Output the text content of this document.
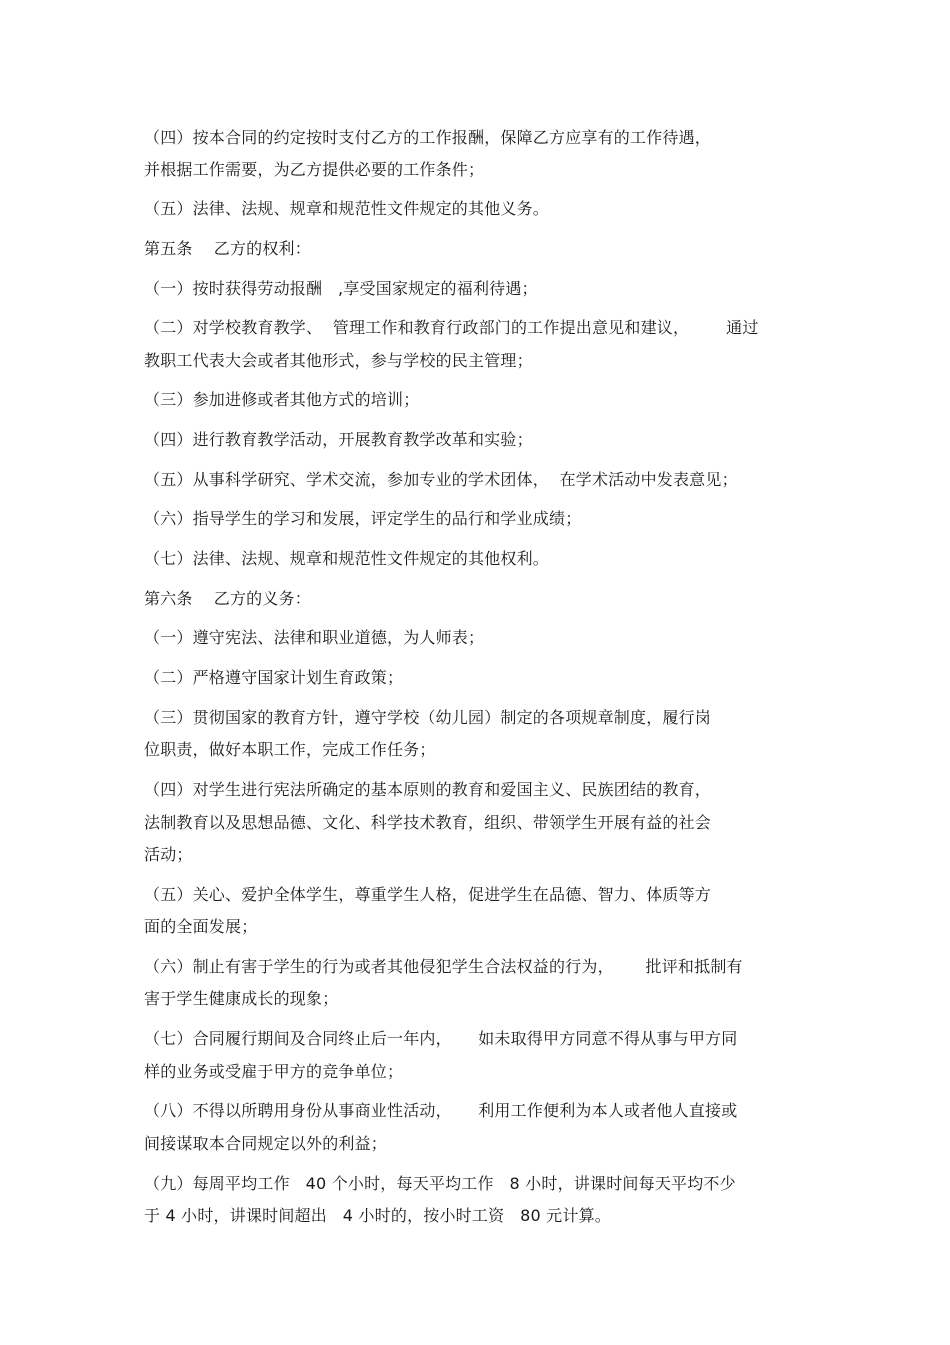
（四）按本合同的约定按时支付乙方的工作报酬，保障乙方应享有的工作待遇，
并根据工作需要，为乙方提供必要的工作条件；
（五）法律、法规、规章和规范性文件规定的其他义务。
第五条    乙方的权利：
（一）按时获得劳动报酬   ,享受国家规定的福利待遇；
（二）对学校教育教学、  管理工作和教育行政部门的工作提出意见和建议，       通过
教职工代表大会或者其他形式，参与学校的民主管理；
（三）参加进修或者其他方式的培训；
（四）进行教育教学活动，开展教育教学改革和实验；
（五）从事科学研究、学术交流，参加专业的学术团体，  在学术活动中发表意见；
（六）指导学生的学习和发展，评定学生的品行和学业成绩；
（七）法律、法规、规章和规范性文件规定的其他权利。
第六条    乙方的义务：
（一）遵守宪法、法律和职业道德，为人师表；
（二）严格遵守国家计划生育政策；
（三）贯彻国家的教育方针，遵守学校（幼儿园）制定的各项规章制度，履行岗
位职责，做好本职工作，完成工作任务；
（四）对学生进行宪法所确定的基本原则的教育和爱国主义、民族团结的教育，
法制教育以及思想品德、文化、科学技术教育，组织、带领学生开展有益的社会
活动；
（五）关心、爱护全体学生，尊重学生人格，促进学生在品德、智力、体质等方
面的全面发展；
（六）制止有害于学生的行为或者其他侵犯学生合法权益的行为，      批评和抵制有
害于学生健康成长的现象；
（七）合同履行期间及合同终止后一年内，     如未取得甲方同意不得从事与甲方同
样的业务或受雇于甲方的竞争单位；
（八）不得以所聘用身份从事商业性活动，     利用工作便利为本人或者他人直接或
间接谋取本合同规定以外的利益；
（九）每周平均工作   40 个小时，每天平均工作   8 小时，讲课时间每天平均不少
于 4 小时，讲课时间超出   4 小时的，按小时工资   80 元计算。
